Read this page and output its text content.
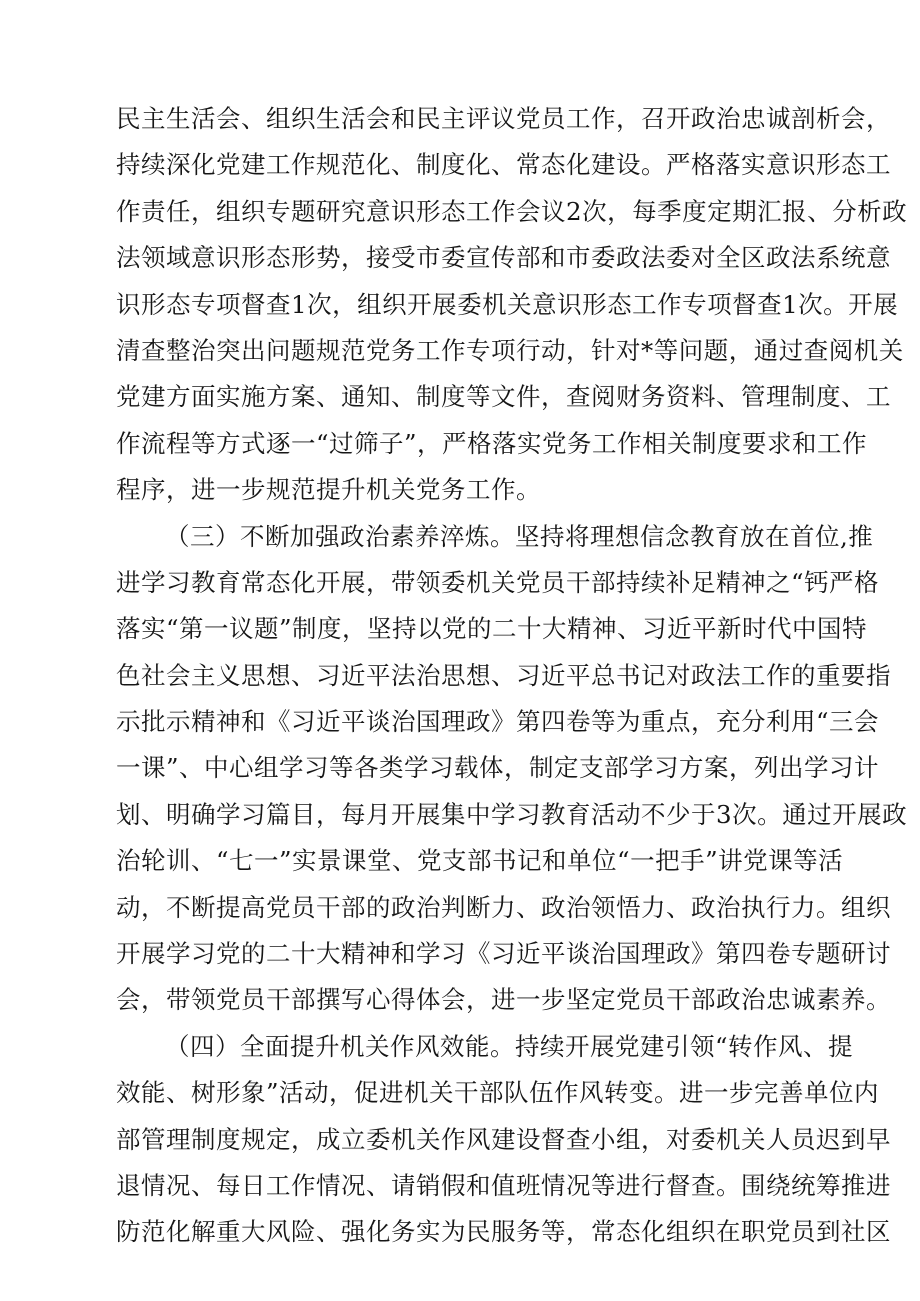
民主生活会、组织生活会和民主评议党员工作，召开政治忠诚剖析会，
持续深化党建工作规范化、制度化、常态化建设。严格落实意识形态工
作责任，组织专题研究意识形态工作会议2次，每季度定期汇报、分析政
法领域意识形态形势，接受市委宣传部和市委政法委对全区政法系统意
识形态专项督查1次，组织开展委机关意识形态工作专项督查1次。开展
清查整治突出问题规范党务工作专项行动，针对*等问题，通过查阅机关
党建方面实施方案、通知、制度等文件，查阅财务资料、管理制度、工
作流程等方式逐一“过筛子”，严格落实党务工作相关制度要求和工作
程序，进一步规范提升机关党务工作。
（三）不断加强政治素养淬炼。坚持将理想信念教育放在首位,推
进学习教育常态化开展，带领委机关党员干部持续补足精神之“钙严格
落实“第一议题”制度，坚持以党的二十大精神、习近平新时代中国特
色社会主义思想、习近平法治思想、习近平总书记对政法工作的重要指
示批示精神和《习近平谈治国理政》第四卷等为重点，充分利用“三会
一课”、中心组学习等各类学习载体，制定支部学习方案，列出学习计
划、明确学习篇目，每月开展集中学习教育活动不少于3次。通过开展政
治轮训、“七一”实景课堂、党支部书记和单位“一把手”讲党课等活
动，不断提高党员干部的政治判断力、政治领悟力、政治执行力。组织
开展学习党的二十大精神和学习《习近平谈治国理政》第四卷专题研讨
会，带领党员干部撰写心得体会，进一步坚定党员干部政治忠诚素养。
（四）全面提升机关作风效能。持续开展党建引领“转作风、提
效能、树形象”活动，促进机关干部队伍作风转变。进一步完善单位内
部管理制度规定，成立委机关作风建设督查小组，对委机关人员迟到早
退情况、每日工作情况、请销假和值班情况等进行督查。围绕统筹推进
防范化解重大风险、强化务实为民服务等，常态化组织在职党员到社区
